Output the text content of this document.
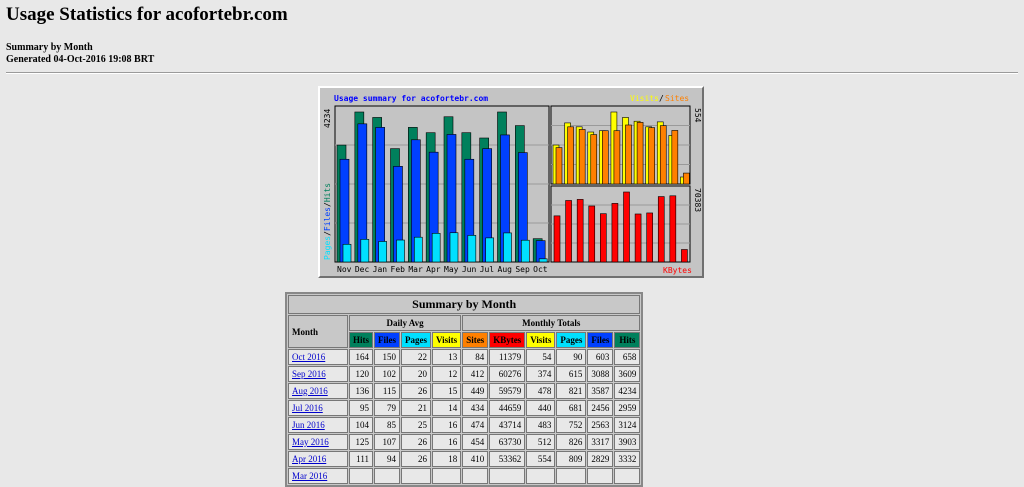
Usage Statistics for acofortebr.com
Summary by Month
Generated 04-Oct-2016 19:08 BRT
Usage summary for acofortebr.com	Visits / Sites
Nov Dec Jan Feb Mar Apr May Jun Jul Aug Sep Oct
Pages/Files/Hits
4234
KBytes
554
70383
Summary by Month										
Month	Daily Avg				Monthly Totals					
	Hits	Files	Pages	Visits	Sites	KBytes	Visits	Pages	Files	Hits
Oct 2016	164	150	22	13	84	11379	54	90	603	658
Sep 2016	120	102	20	12	412	60276	374	615	3088	3609
Aug 2016	136	115	26	15	449	59579	478	821	3587	4234
Jul 2016	95	79	21	14	434	44659	440	681	2456	2959
Jun 2016	104	85	25	16	474	43714	483	752	2563	3124
May 2016	125	107	26	16	454	63730	512	826	3317	3903
Apr 2016	111	94	26	18	410	53362	554	809	2829	3332
Mar 2016										
